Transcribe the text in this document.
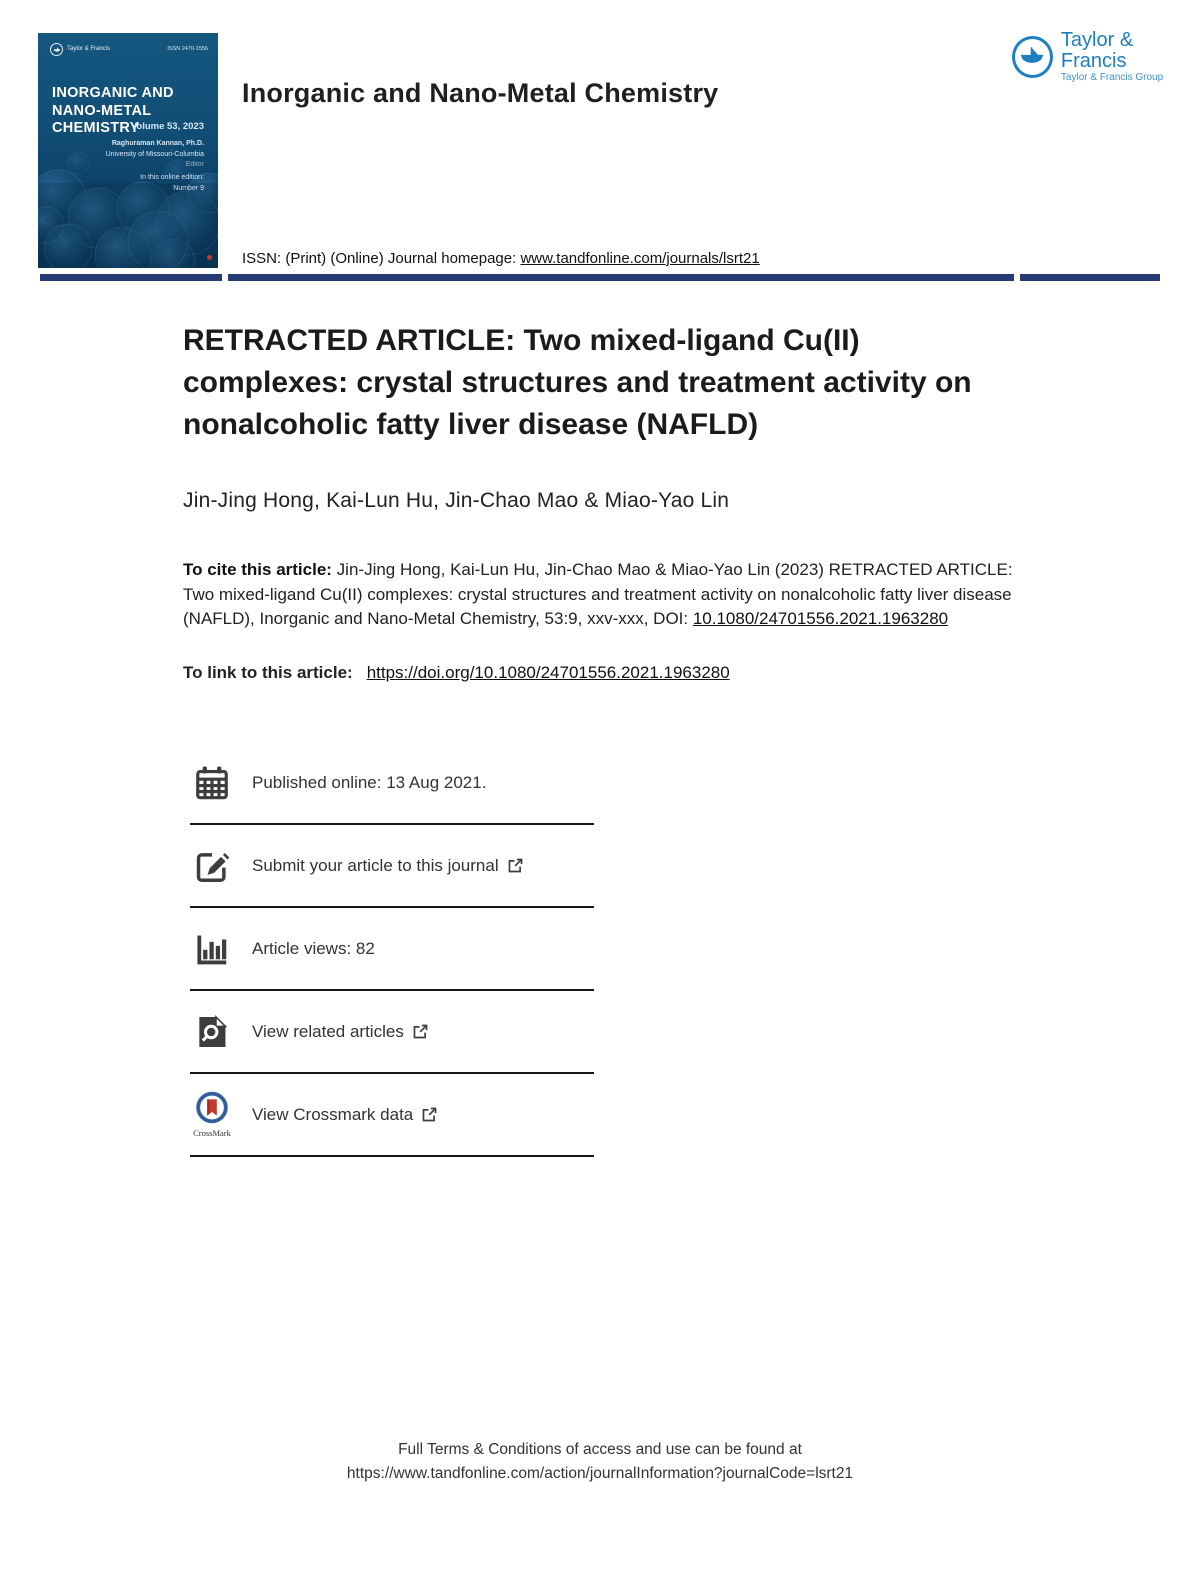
Taylor & Francis	ISSN 2470-1556
INORGANIC AND
NANO-METAL CHEMISTRY
Volume 53, 2023
Raghuraman Kannan, Ph.D.
University of Missouri-Columbia
Editor
In this online edition:
Number 9
Inorganic and Nano-Metal Chemistry
ISSN: (Print) (Online) Journal homepage: www.tandfonline.com/journals/lsrt21
Taylor & Francis
Taylor & Francis Group
RETRACTED ARTICLE: Two mixed-ligand Cu(II) complexes: crystal structures and treatment activity on nonalcoholic fatty liver disease (NAFLD)
Jin-Jing Hong, Kai-Lun Hu, Jin-Chao Mao & Miao-Yao Lin

To cite this article: Jin-Jing Hong, Kai-Lun Hu, Jin-Chao Mao & Miao-Yao Lin (2023) RETRACTED ARTICLE: Two mixed-ligand Cu(II) complexes: crystal structures and treatment activity on nonalcoholic fatty liver disease (NAFLD), Inorganic and Nano-Metal Chemistry, 53:9, xxv-xxx, DOI: 10.1080/24701556.2021.1963280

To link to this article: https://doi.org/10.1080/24701556.2021.1963280

Published online: 13 Aug 2021.
Submit your article to this journal
Article views: 82
View related articles
CrossMark
View Crossmark data
Full Terms & Conditions of access and use can be found at
https://www.tandfonline.com/action/journalInformation?journalCode=lsrt21
